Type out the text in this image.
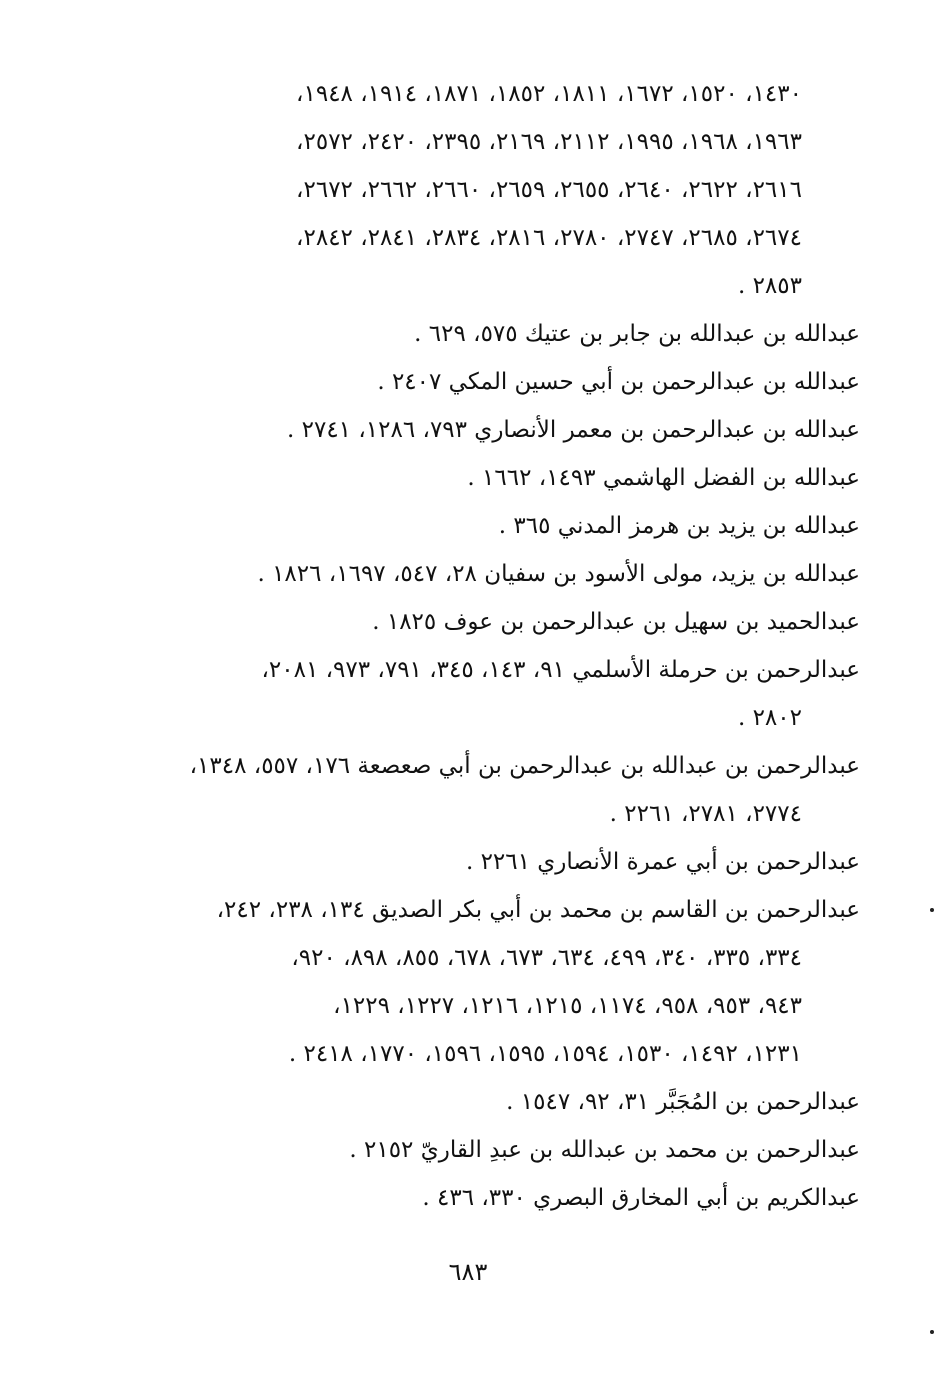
١٤٣٠، ١٥٢٠، ١٦٧٢، ١٨١١، ١٨٥٢، ١٨٧١، ١٩١٤، ١٩٤٨،
١٩٦٣، ١٩٦٨، ١٩٩٥، ٢١١٢، ٢١٦٩، ٢٣٩٥، ٢٤٢٠، ٢٥٧٢،
٢٦١٦، ٢٦٢٢، ٢٦٤٠، ٢٦٥٥، ٢٦٥٩، ٢٦٦٠، ٢٦٦٢، ٢٦٧٢،
٢٦٧٤، ٢٦٨٥، ٢٧٤٧، ٢٧٨٠، ٢٨١٦، ٢٨٣٤، ٢٨٤١، ٢٨٤٢،
٢٨٥٣ .
عبدالله بن عبدالله بن جابر بن عتيك ٥٧٥، ٦٢٩ .
عبدالله بن عبدالرحمن بن أبي حسين المكي ٢٤٠٧ .
عبدالله بن عبدالرحمن بن معمر الأنصاري ٧٩٣، ١٢٨٦، ٢٧٤١ .
عبدالله بن الفضل الهاشمي ١٤٩٣، ١٦٦٢ .
عبدالله بن يزيد بن هرمز المدني ٣٦٥ .
عبدالله بن يزيد، مولى الأسود بن سفيان ٢٨، ٥٤٧، ١٦٩٧، ١٨٢٦ .
عبدالحميد بن سهيل بن عبدالرحمن بن عوف ١٨٢٥ .
عبدالرحمن بن حرملة الأسلمي ٩١، ١٤٣، ٣٤٥، ٧٩١، ٩٧٣، ٢٠٨١،
٢٨٠٢ .
عبدالرحمن بن عبدالله بن عبدالرحمن بن أبي صعصعة ١٧٦، ٥٥٧، ١٣٤٨،
٢٧٧٤، ٢٧٨١، ٢٢٦١ .
عبدالرحمن بن أبي عمرة الأنصاري ٢٢٦١ .
عبدالرحمن بن القاسم بن محمد بن أبي بكر الصديق ١٣٤، ٢٣٨، ٢٤٢،
٣٣٤، ٣٣٥، ٣٤٠، ٤٩٩، ٦٣٤، ٦٧٣، ٦٧٨، ٨٥٥، ٨٩٨، ٩٢٠،
٩٤٣، ٩٥٣، ٩٥٨، ١١٧٤، ١٢١٥، ١٢١٦، ١٢٢٧، ١٢٢٩،
١٢٣١، ١٤٩٢، ١٥٣٠، ١٥٩٤، ١٥٩٥، ١٥٩٦، ١٧٧٠، ٢٤١٨ .
عبدالرحمن بن المُجَبَّر ٣١، ٩٢، ١٥٤٧ .
عبدالرحمن بن محمد بن عبدالله بن عبدِ القاريّ ٢١٥٢ .
عبدالكريم بن أبي المخارق البصري ٣٣٠، ٤٣٦ .
٦٨٣
